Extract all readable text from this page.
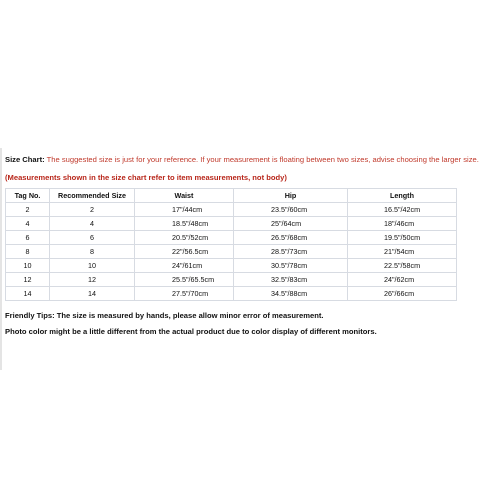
Size Chart: The suggested size is just for your reference. If your measurement is floating between two sizes, advise choosing the larger size.
(Measurements shown in the size chart refer to item measurements, not body)
Tag No.	Recommended Size	Waist	Hip	Length
2	2	17"/44cm	23.5"/60cm	16.5"/42cm
4	4	18.5"/48cm	25"/64cm	18"/46cm
6	6	20.5"/52cm	26.5"/68cm	19.5"/50cm
8	8	22"/56.5cm	28.5"/73cm	21"/54cm
10	10	24"/61cm	30.5"/78cm	22.5"/58cm
12	12	25.5"/65.5cm	32.5"/83cm	24"/62cm
14	14	27.5"/70cm	34.5"/88cm	26"/66cm
Friendly Tips: The size is measured by hands, please allow minor error of measurement.
Photo color might be a little different from the actual product due to color display of different monitors.
